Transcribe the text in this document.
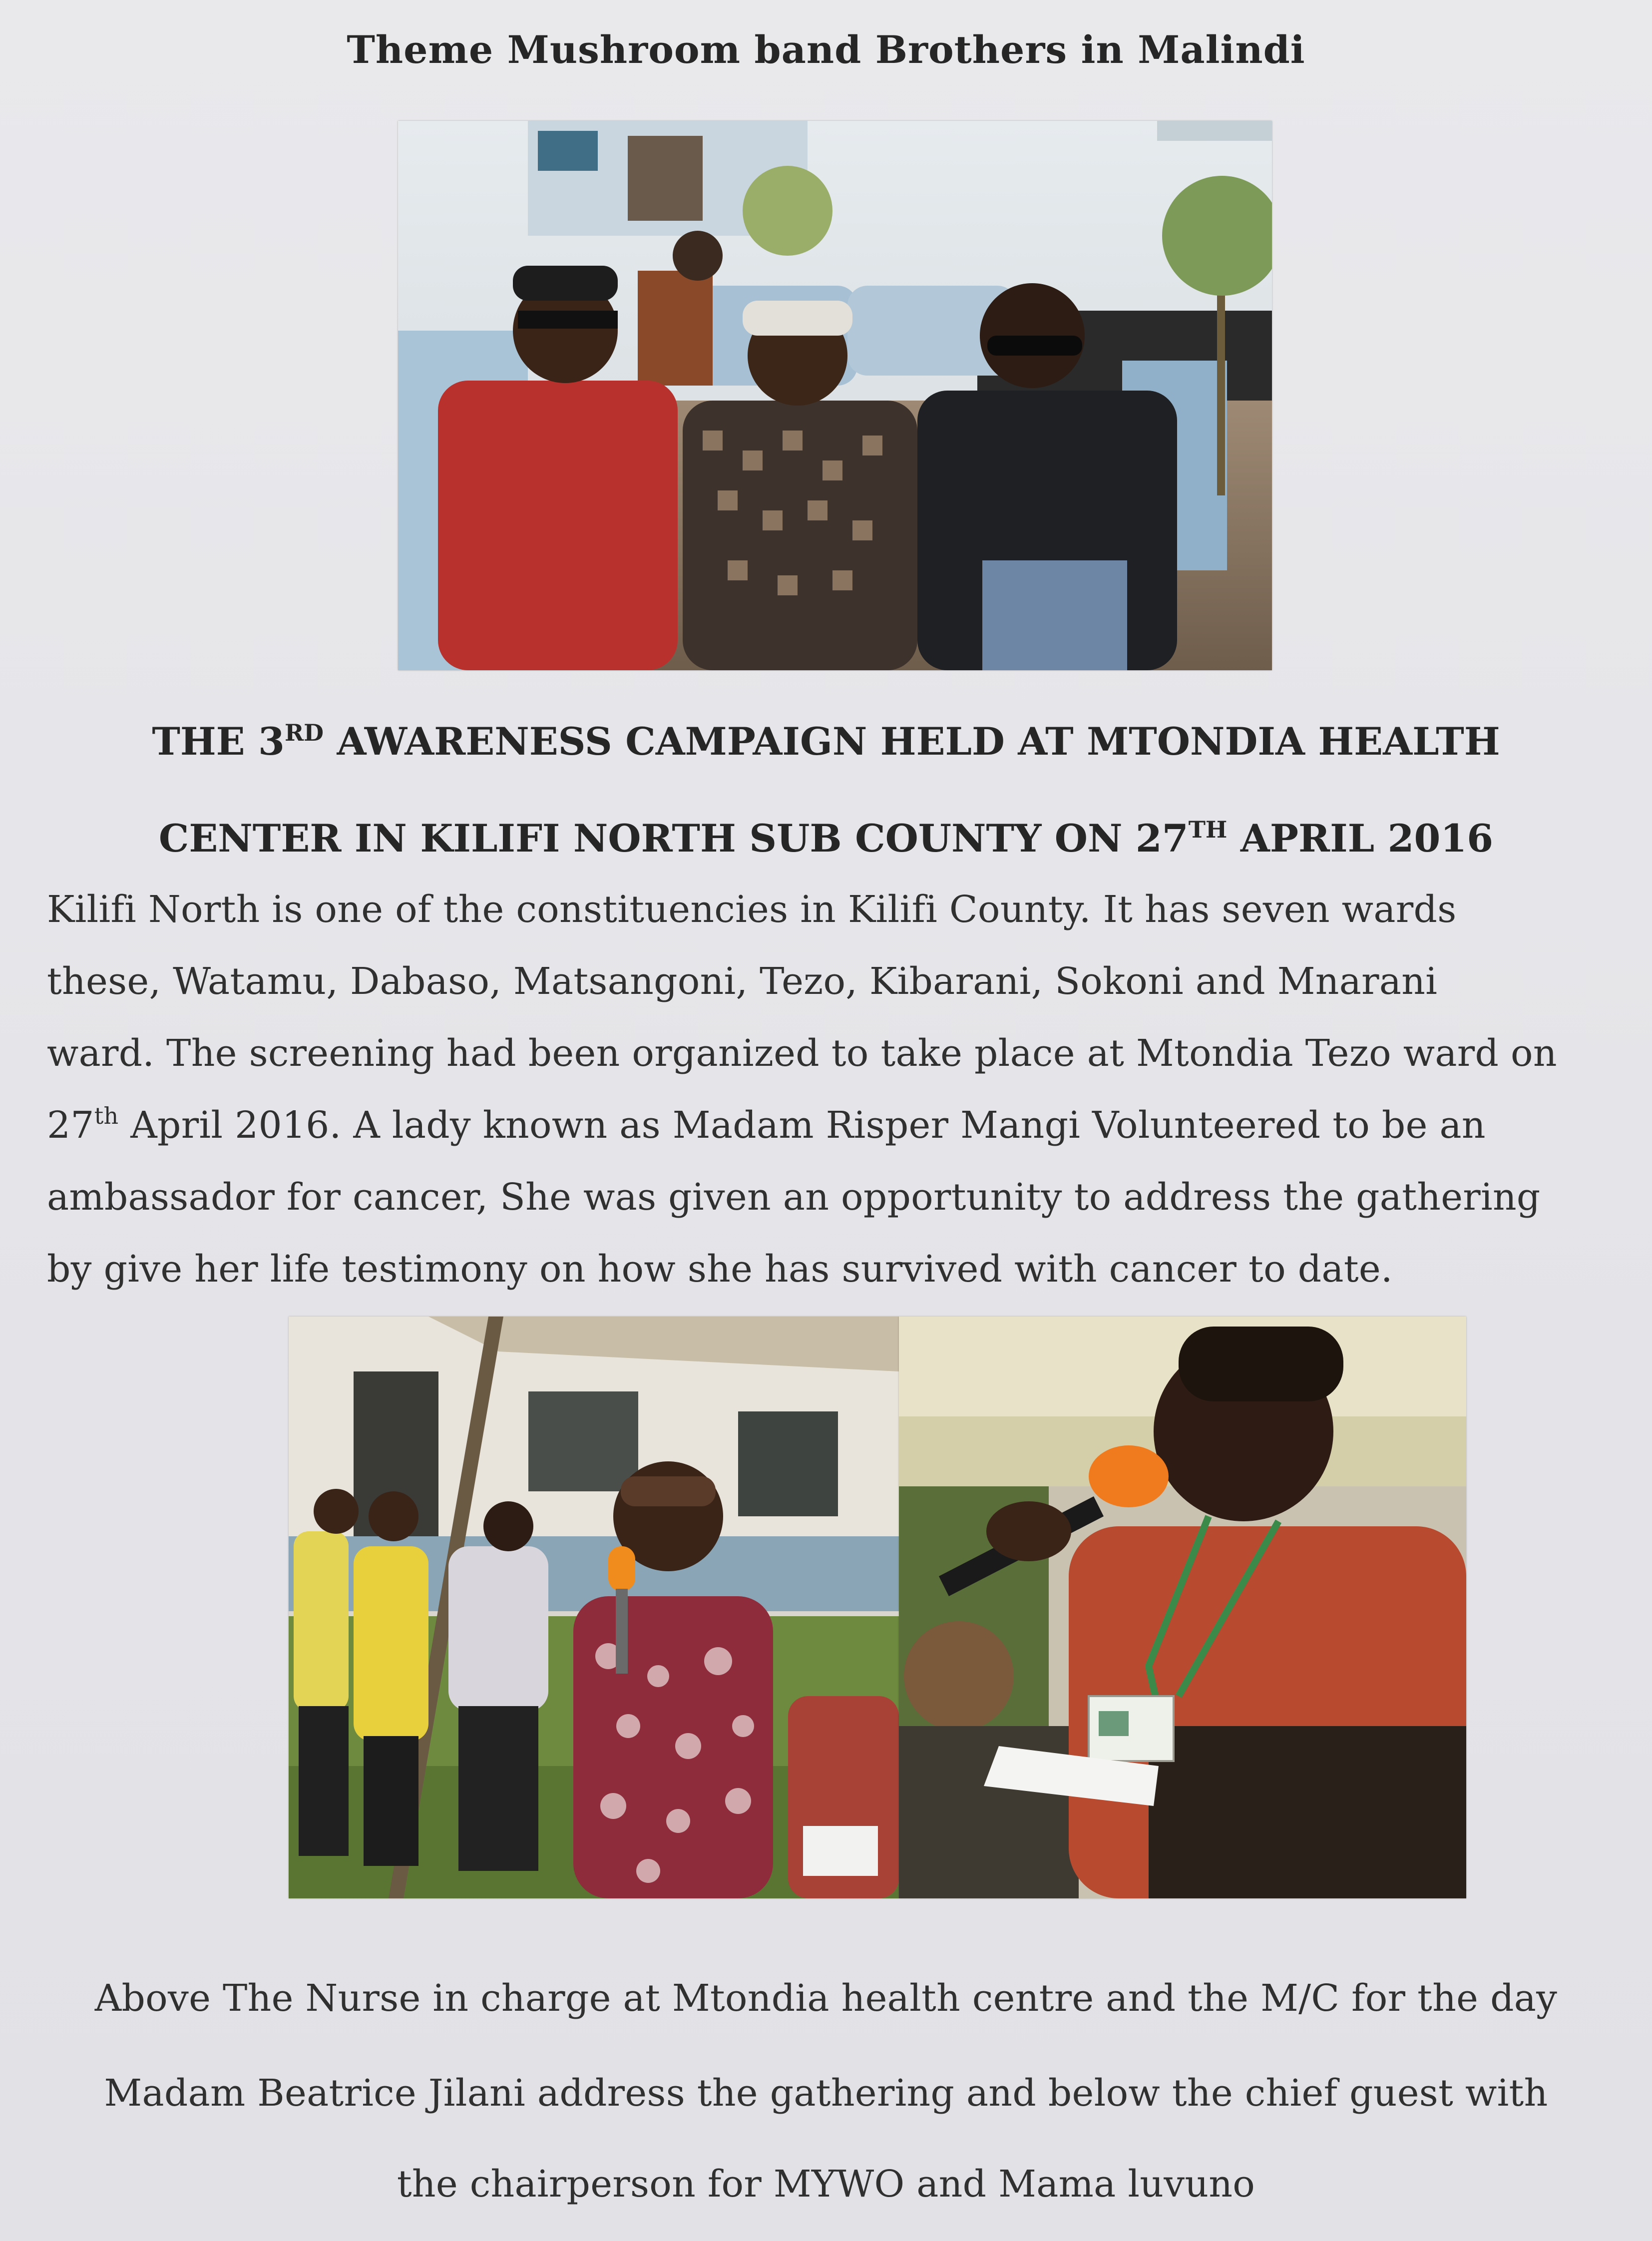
Theme Mushroom band Brothers in Malindi
THE 3RD AWARENESS CAMPAIGN HELD AT MTONDIA HEALTH
CENTER IN KILIFI NORTH SUB COUNTY ON 27TH APRIL 2016
Kilifi North is one of the constituencies in Kilifi County. It has seven wards
these, Watamu, Dabaso, Matsangoni, Tezo, Kibarani, Sokoni and Mnarani
ward. The screening had been organized to take place at Mtondia Tezo ward on
27th April 2016. A lady known as Madam Risper Mangi Volunteered to be an
ambassador for cancer, She was given an opportunity to address the gathering
by give her life testimony on how she has survived with cancer to date.
Above The Nurse in charge at Mtondia health centre and the M/C for the day
Madam Beatrice Jilani address the gathering and below the chief guest with
the chairperson for MYWO and Mama luvuno
